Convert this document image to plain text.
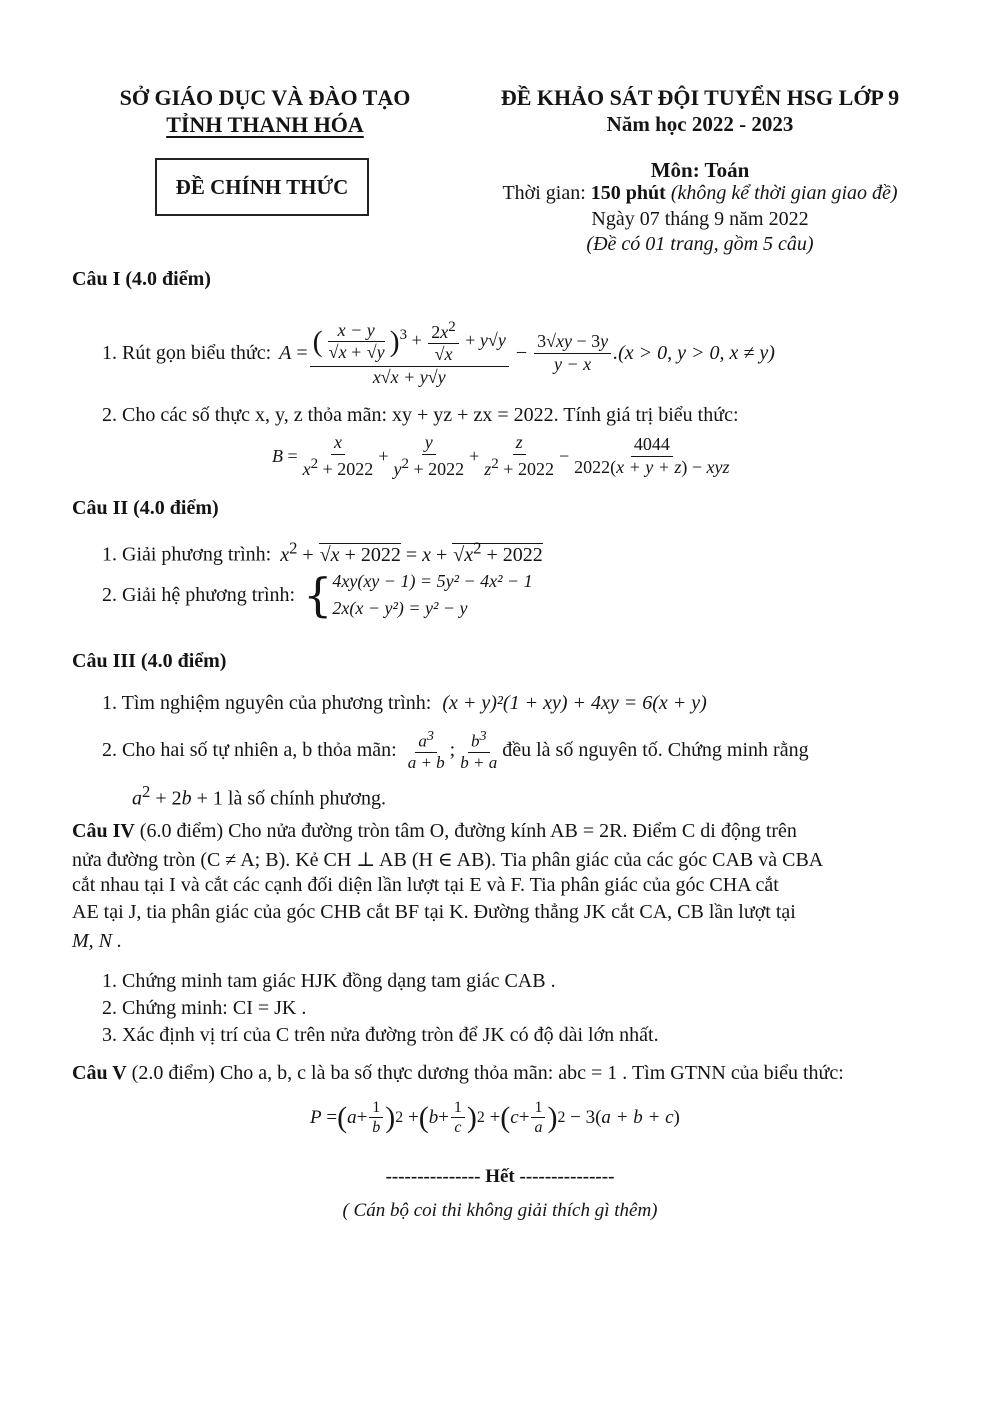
SỞ GIÁO DỤC VÀ ĐÀO TẠO
TỈNH THANH HÓA
ĐỀ CHÍNH THỨC
ĐỀ KHẢO SÁT ĐỘI TUYỂN HSG LỚP 9
Năm học 2022 - 2023
Môn: Toán
Thời gian: 150 phút (không kể thời gian giao đề)
Ngày 07 tháng 9 năm 2022
(Đề có 01 trang, gồm 5 câu)
Câu I (4.0 điểm)
1. Rút gọn biểu thức: $A = \frac{( \frac{x - y}{√x + √y} )^3 + \frac{2x^2}{√x} + y√y}{x√x + y√y} - \frac{3√xy - 3y}{y - x} .(x > 0$, y > 0, x ≠ y)
2. Cho các số thực x, y, z thỏa mãn: xy + yz + zx = 2022. Tính giá trị biểu thức:
$B = \frac{x}{x^2 + 2022} + \frac{y}{y^2 + 2022} + \frac{z}{z^2 + 2022} - \frac{4044}{\text{2022(x + y + z) − xyz}}$
Câu II (4.0 điểm)
1. Giải phương trình: $x^2 + √x + 2022 = x + √x^2 + 2022$
2. Giải hệ phương trình: { 4xy(xy − 1) = 5y² − 4x² − 1
2x(x − y²) = y² − y
Câu III (4.0 điểm)
1. Tìm nghiệm nguyên của phương trình: (x + y)²(1 + xy) + 4xy = 6(x + y)
2. Cho hai số tự nhiên a, b thỏa mãn: $\frac{a^3}{a + b}$ ; $\frac{b^3}{b + a}$ đều là số nguyên tố. Chứng minh rằng
$a^2 + 2b + 1$ là số chính phương.
Câu IV (6.0 điểm) Cho nửa đường tròn tâm O, đường kính AB = 2R. Điểm C di động trên
nửa đường tròn (C ≠ A; B). Kẻ CH ⊥ AB (H ∈ AB). Tia phân giác của các góc CAB và CBA
cắt nhau tại I và cắt các cạnh đối diện lần lượt tại E và F. Tia phân giác của góc CHA cắt
AE tại J, tia phân giác của góc CHB cắt BF tại K. Đường thẳng JK cắt CA, CB lần lượt tại
M, N .
1. Chứng minh tam giác HJK đồng dạng tam giác CAB .
2. Chứng minh: CI = JK .
3. Xác định vị trí của C trên nửa đường tròn để JK có độ dài lớn nhất.
Câu V (2.0 điểm) Cho a, b, c là ba số thực dương thỏa mãn: abc = 1 . Tìm GTNN của biểu thức:
P = ( $a + \frac{1}{b}$ ) 2 + ( $b + \frac{1}{c}$ ) 2 + ( $c + \frac{1}{a}$ ) 2 − 3( a + b + c )
--------------- Hết ---------------
( Cán bộ coi thi không giải thích gì thêm)
